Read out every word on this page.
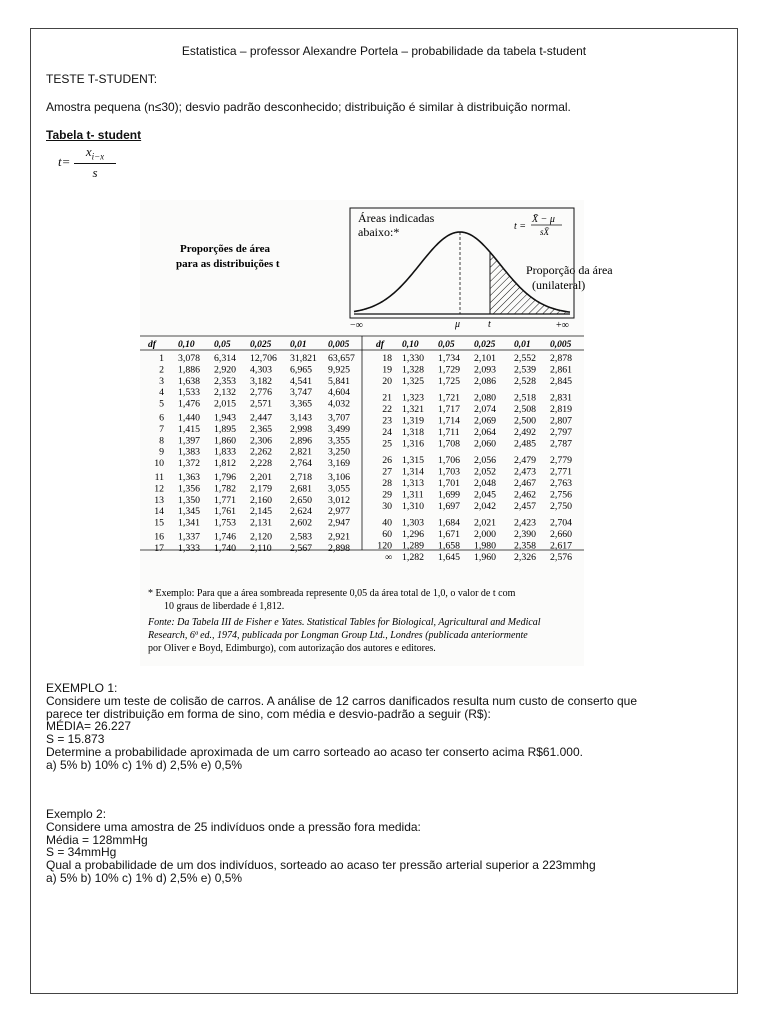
Estatistica – professor Alexandre Portela – probabilidade da tabela t-student
TESTE T-STUDENT:
Amostra pequena (n≤30); desvio padrão desconhecido; distribuição é similar à distribuição normal.
Tabela t- student
$t= \frac{x_{i-x}}{s}$
Proporções de área
para as distribuições t
Áreas indicadas
abaixo:*	t =
X̄ − μ
sX̄
Proporção da área
(unilateral)
−∞	μ	t	+∞
df 0,10 0,05 0,025 0,01 0,005	df 0,10 0,05 0,025 0,01 0,005
1 3,078 6,314 12,706 31,821 63,657
2 1,886 2,920 4,303 6,965 9,925
3 1,638 2,353 3,182 4,541 5,841
4 1,533 2,132 2,776 3,747 4,604
5 1,476 2,015 2,571 3,365 4,032
6 1,440 1,943 2,447 3,143 3,707
7 1,415 1,895 2,365 2,998 3,499
8 1,397 1,860 2,306 2,896 3,355
9 1,383 1,833 2,262 2,821 3,250
10 1,372 1,812 2,228 2,764 3,169
11 1,363 1,796 2,201 2,718 3,106
12 1,356 1,782 2,179 2,681 3,055
13 1,350 1,771 2,160 2,650 3,012
14 1,345 1,761 2,145 2,624 2,977
15 1,341 1,753 2,131 2,602 2,947
16 1,337 1,746 2,120 2,583 2,921
17 1,333 1,740 2,110 2,567 2,898
18 1,330 1,734 2,101 2,552 2,878
19 1,328 1,729 2,093 2,539 2,861
20 1,325 1,725 2,086 2,528 2,845
21 1,323 1,721 2,080 2,518 2,831
22 1,321 1,717 2,074 2,508 2,819
23 1,319 1,714 2,069 2,500 2,807
24 1,318 1,711 2,064 2,492 2,797
25 1,316 1,708 2,060 2,485 2,787
26 1,315 1,706 2,056 2,479 2,779
27 1,314 1,703 2,052 2,473 2,771
28 1,313 1,701 2,048 2,467 2,763
29 1,311 1,699 2,045 2,462 2,756
30 1,310 1,697 2,042 2,457 2,750
40 1,303 1,684 2,021 2,423 2,704
60 1,296 1,671 2,000 2,390 2,660
120 1,289 1,658 1,980 2,358 2,617
∞ 1,282 1,645 1,960 2,326 2,576
* Exemplo: Para que a área sombreada represente 0,05 da área total de 1,0, o valor de t com
10 graus de liberdade é 1,812.
Fonte: Da Tabela III de Fisher e Yates. Statistical Tables for Biological, Agricultural and Medical
Research, 6ª ed., 1974, publicada por Longman Group Ltd., Londres (publicada anteriormente
por Oliver e Boyd, Edimburgo), com autorização dos autores e editores.
EXEMPLO 1:
Considere um teste de colisão de carros. A análise de 12 carros danificados resulta num custo de conserto que
parece ter distribuição em forma de sino, com média e desvio-padrão a seguir (R$):
MÉDIA= 26.227
S = 15.873
Determine a probabilidade aproximada de um carro sorteado ao acaso ter conserto acima R$61.000.
a) 5% b) 10% c) 1% d) 2,5% e) 0,5%
Exemplo 2:
Considere uma amostra de 25 indivíduos onde a pressão fora medida:
Média = 128mmHg
S = 34mmHg
Qual a probabilidade de um dos indivíduos, sorteado ao acaso ter pressão arterial superior a 223mmhg
a) 5% b) 10% c) 1% d) 2,5% e) 0,5%
